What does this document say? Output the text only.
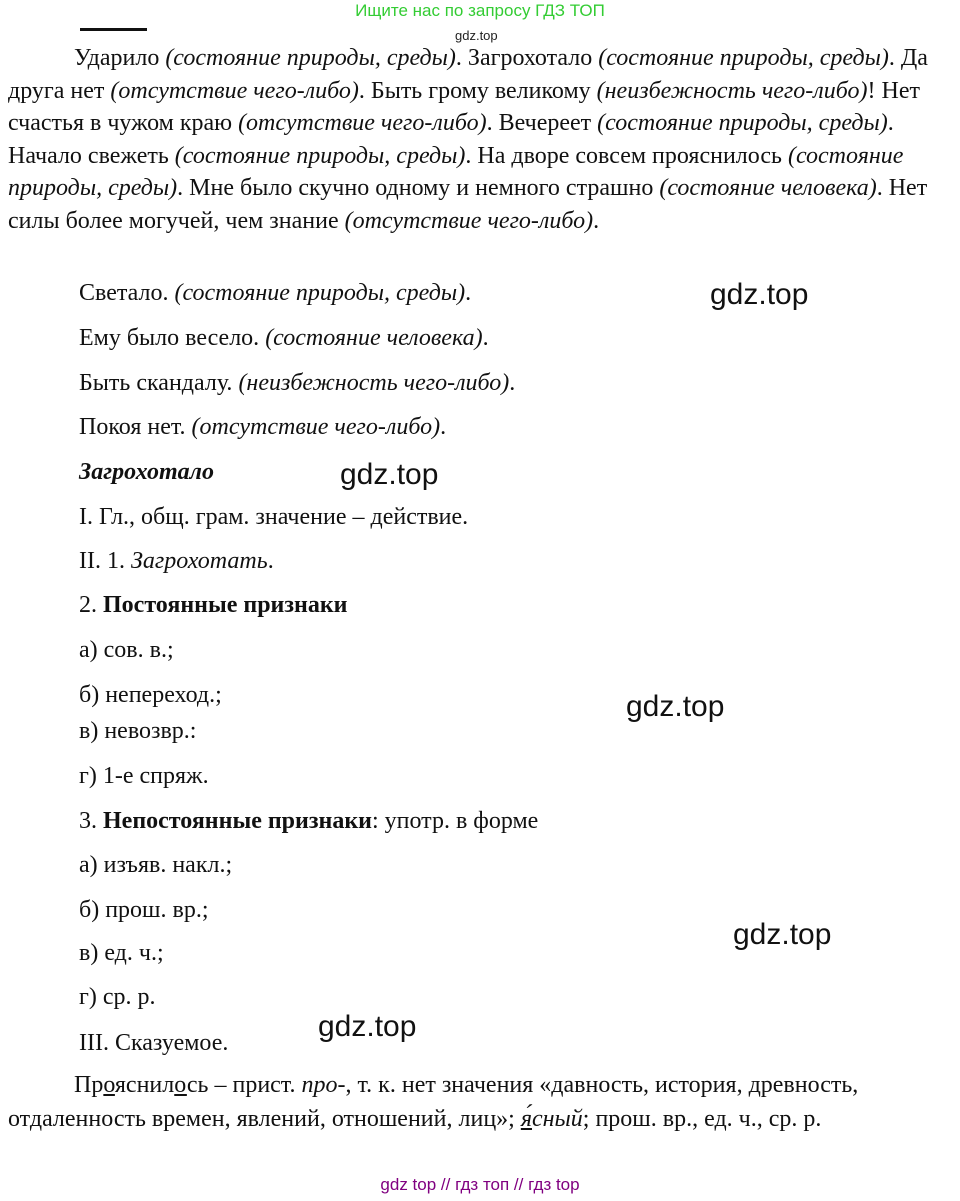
Ищите нас по запросу ГДЗ ТОП
gdz.top

Ударило (состояние природы, среды). Загрохотало (состояние природы, среды). Да друга нет (отсутствие чего-либо). Быть грому великому (неизбежность чего-либо)! Нет счастья в чужом краю (отсутствие чего-либо). Вечереет (состояние природы, среды). Начало свежеть (состояние природы, среды). На дворе совсем прояснилось (состояние природы, среды). Мне было скучно одному и немного страшно (состояние человека). Нет силы более могучей, чем знание (отсутствие чего-либо).

Светало. (состояние природы, среды).
Ему было весело. (состояние человека).
Быть скандалу. (неизбежность чего-либо).
Покоя нет. (отсутствие чего-либо).
Загрохотало
I. Гл., общ. грам. значение – действие.
II. 1. Загрохотать.
2. Постоянные признаки
а) сов. в.;
б) непереход.;
в) невозвр.:
г) 1-е спряж.
3. Непостоянные признаки: употр. в форме
а) изъяв. накл.;
б) прош. вр.;
в) ед. ч.;
г) ср. р.
III. Сказуемое.

Прояснилось – прист. про-, т. к. нет значения «давность, история, древность, отдаленность времен, явлений, отношений, лиц»; я́сный; прош. вр., ед. ч., ср. р.

gdz.top
gdz.top
gdz.top
gdz.top
gdz.top
gdz top // гдз топ // гдз top
